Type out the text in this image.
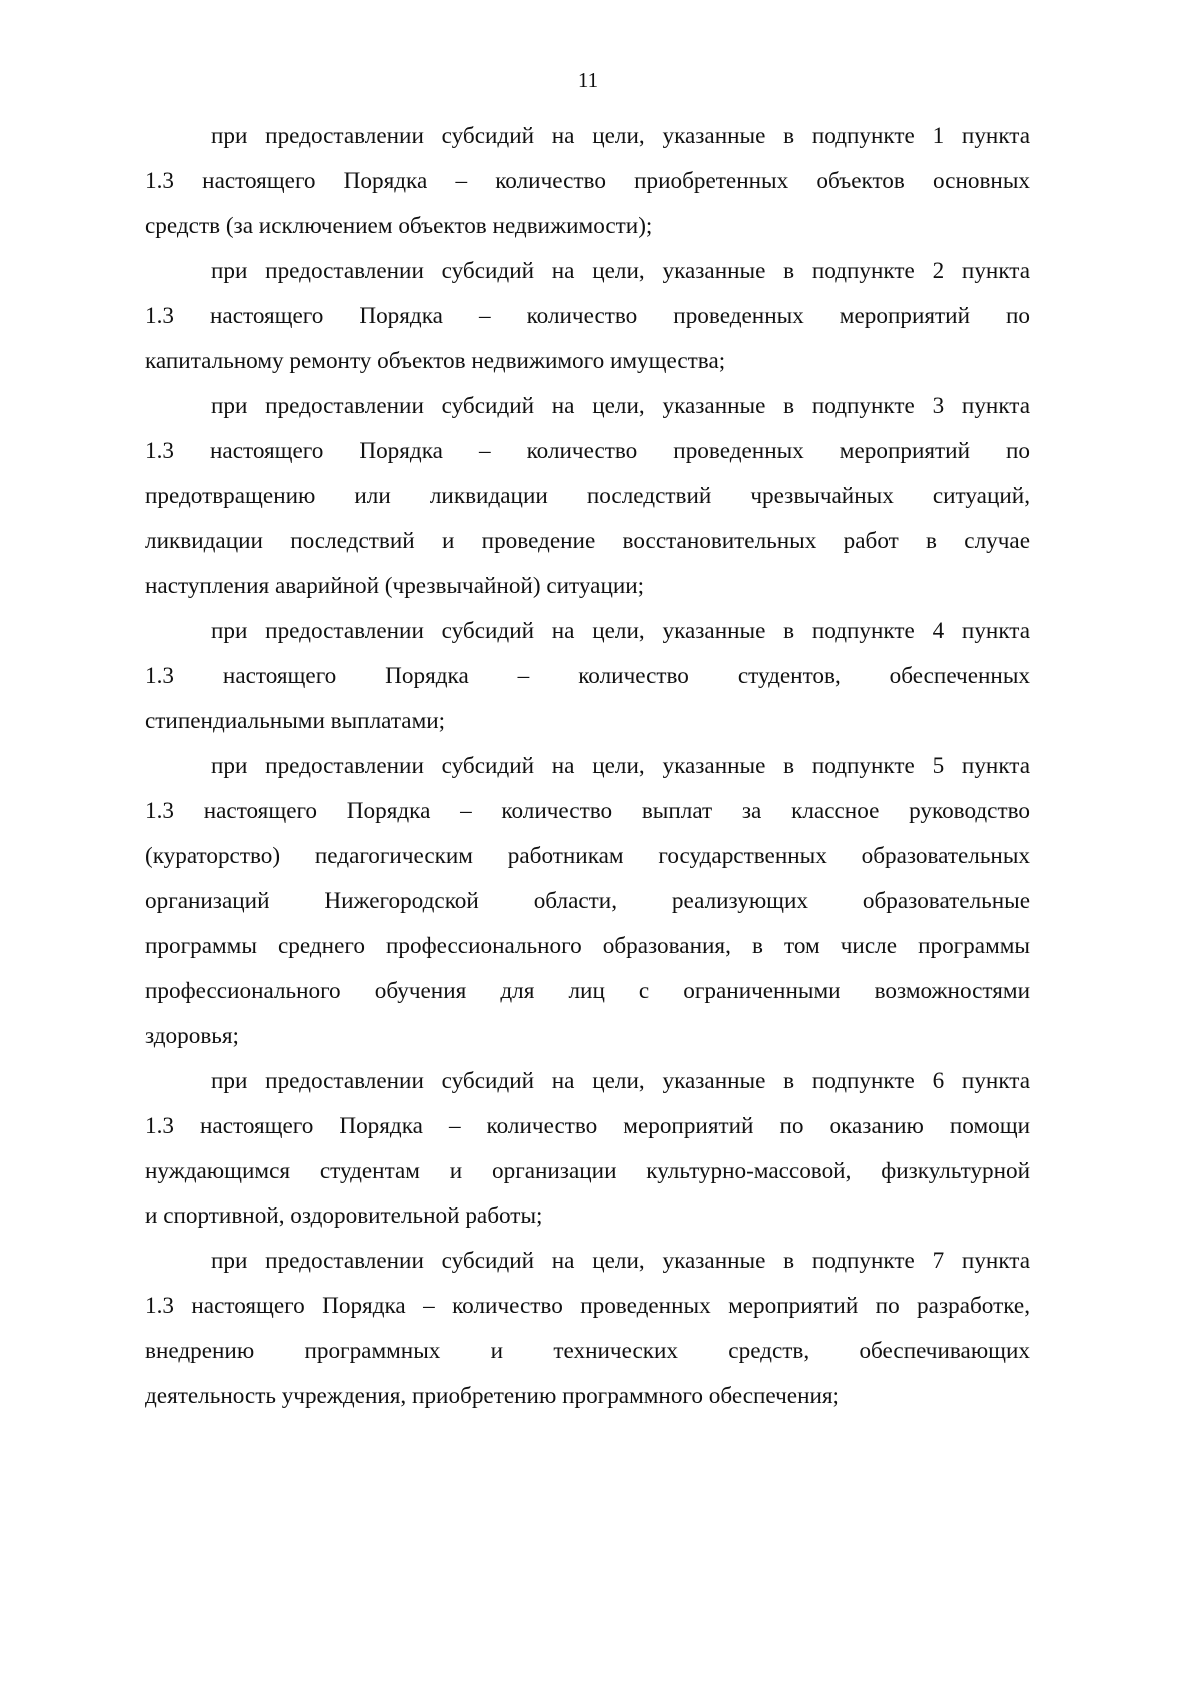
11

при предоставлении субсидий на цели, указанные в подпункте 1 пункта
1.3 настоящего Порядка – количество приобретенных объектов основных
средств (за исключением объектов недвижимости);

при предоставлении субсидий на цели, указанные в подпункте 2 пункта
1.3 настоящего Порядка – количество проведенных мероприятий по
капитальному ремонту объектов недвижимого имущества;

при предоставлении субсидий на цели, указанные в подпункте 3 пункта
1.3 настоящего Порядка – количество проведенных мероприятий по
предотвращению или ликвидации последствий чрезвычайных ситуаций,
ликвидации последствий и проведение восстановительных работ в случае
наступления аварийной (чрезвычайной) ситуации;

при предоставлении субсидий на цели, указанные в подпункте 4 пункта
1.3 настоящего Порядка – количество студентов, обеспеченных
стипендиальными выплатами;

при предоставлении субсидий на цели, указанные в подпункте 5 пункта
1.3 настоящего Порядка – количество выплат за классное руководство
(кураторство) педагогическим работникам государственных образовательных
организаций Нижегородской области, реализующих образовательные
программы среднего профессионального образования, в том числе программы
профессионального обучения для лиц с ограниченными возможностями
здоровья;

при предоставлении субсидий на цели, указанные в подпункте 6 пункта
1.3 настоящего Порядка – количество мероприятий по оказанию помощи
нуждающимся студентам и организации культурно-массовой, физкультурной
и спортивной, оздоровительной работы;

при предоставлении субсидий на цели, указанные в подпункте 7 пункта
1.3 настоящего Порядка – количество проведенных мероприятий по разработке,
внедрению программных и технических средств, обеспечивающих
деятельность учреждения, приобретению программного обеспечения;
